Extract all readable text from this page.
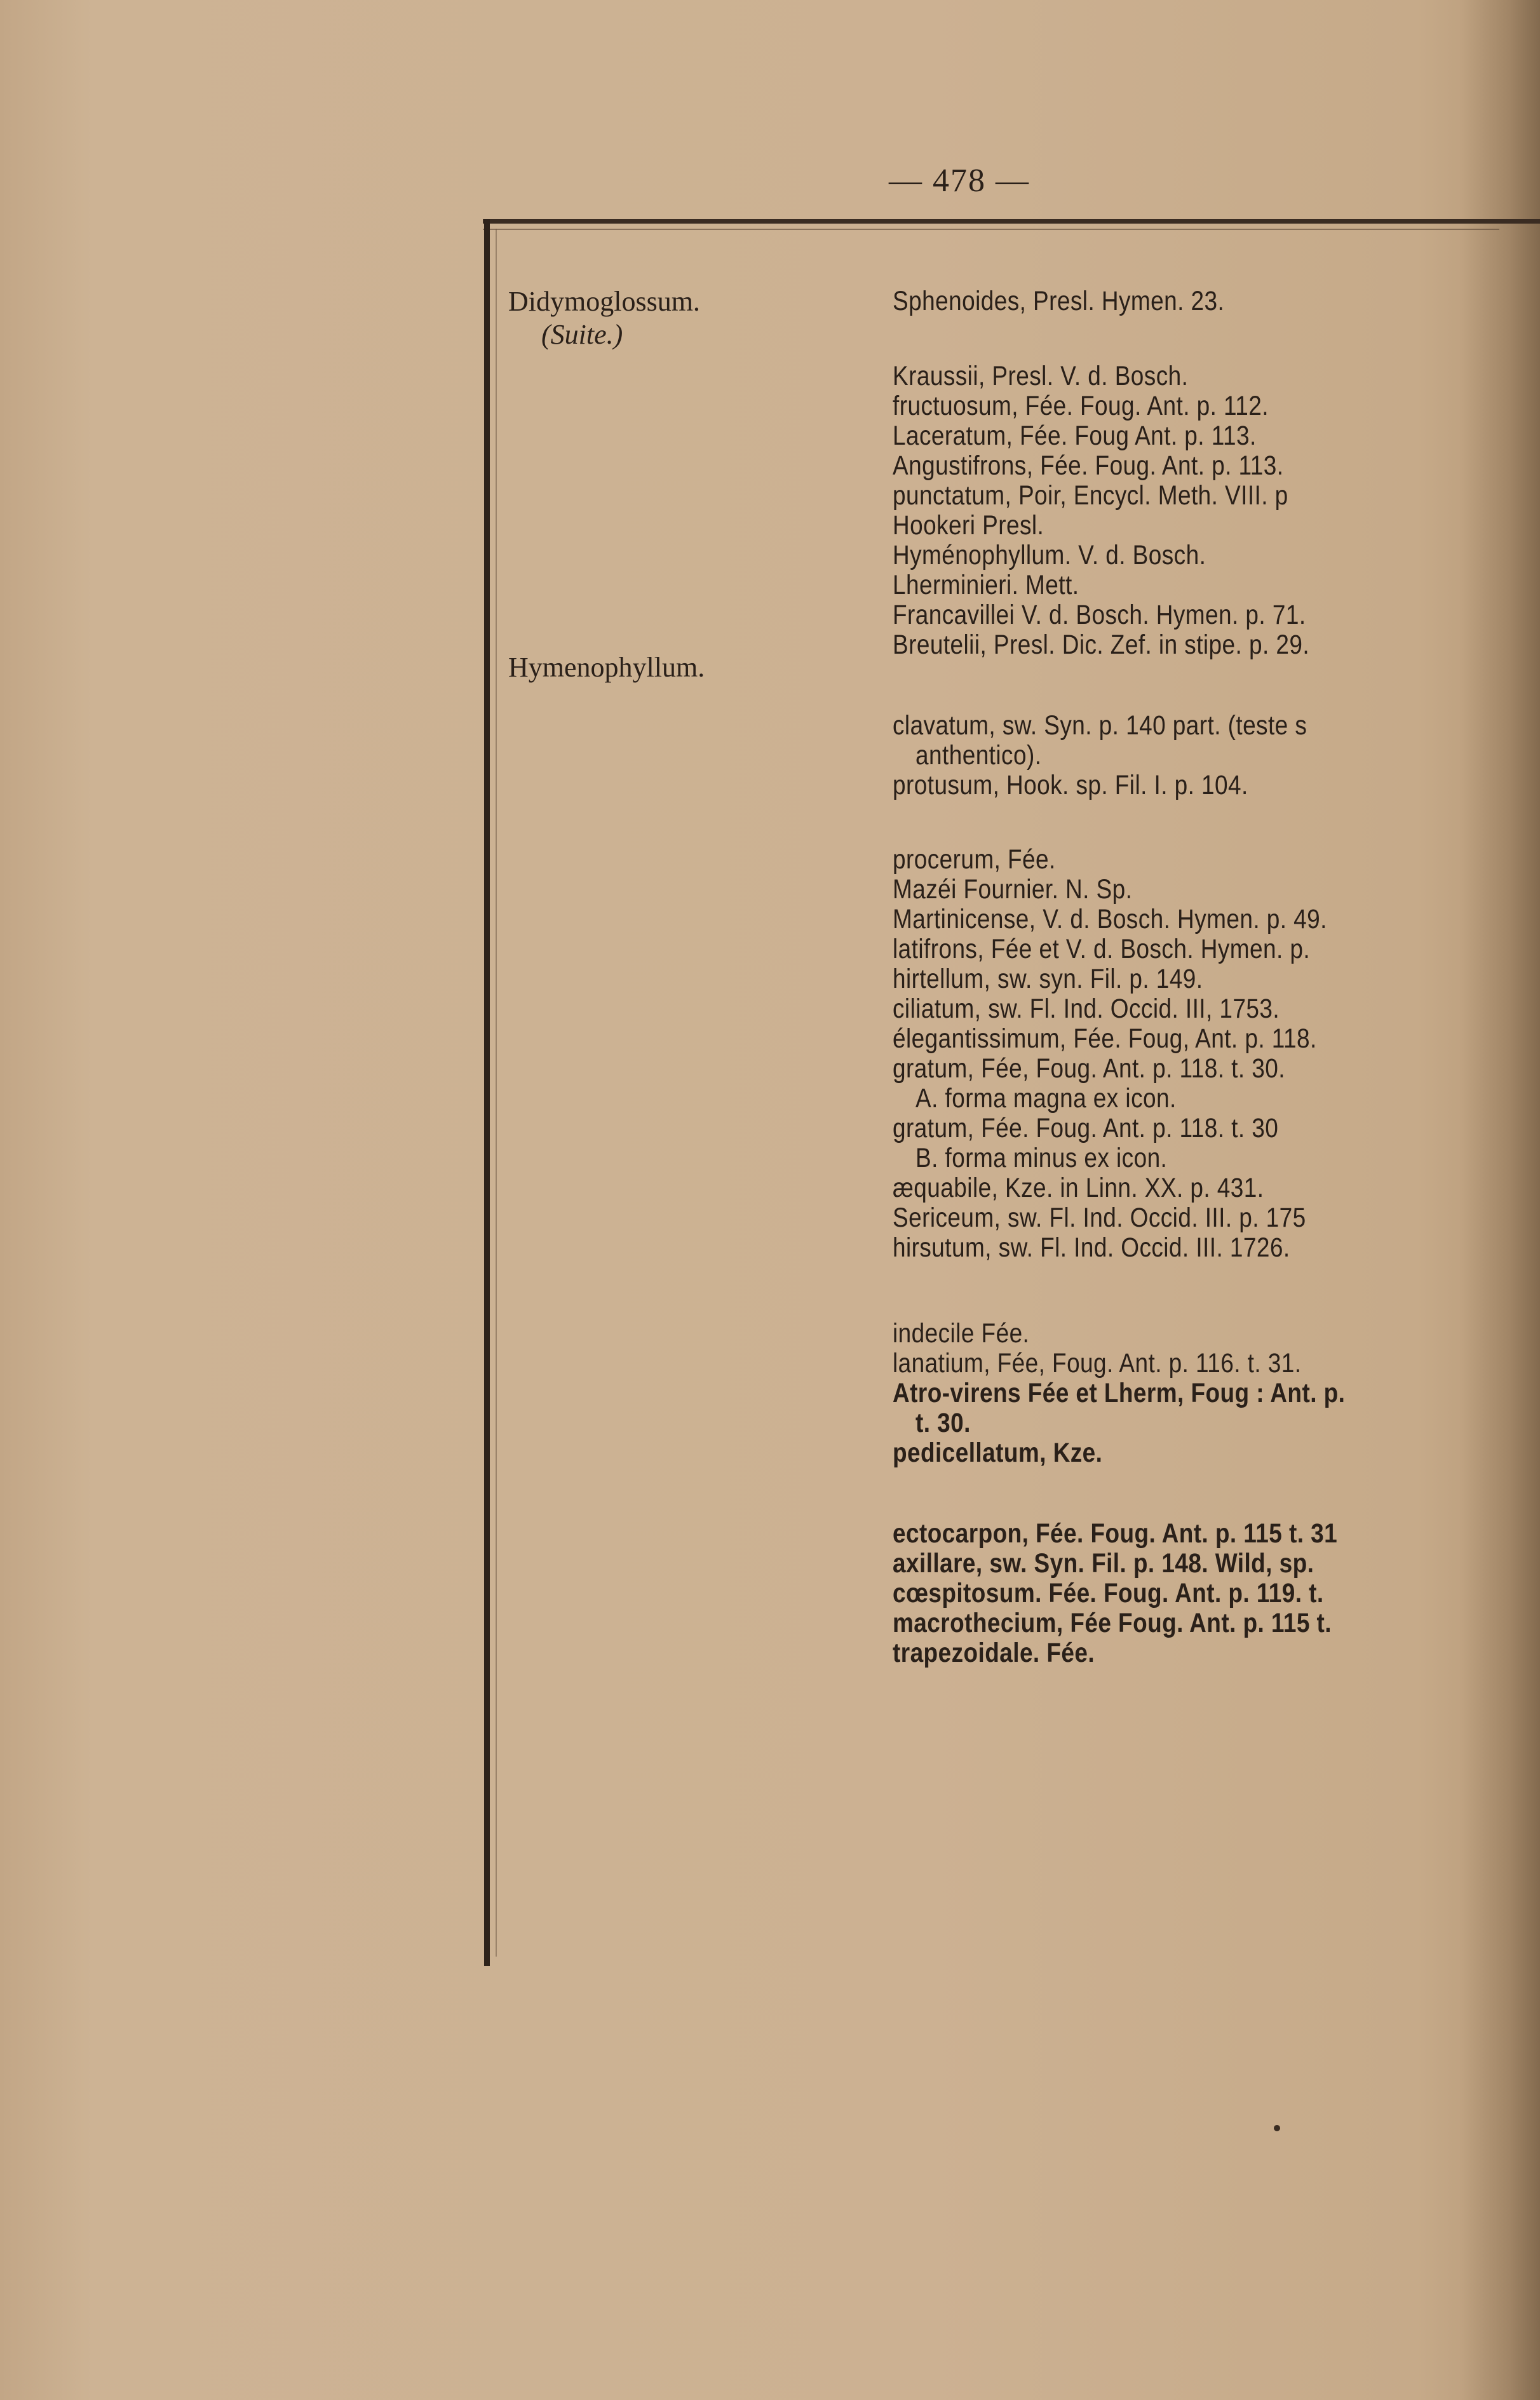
— 478 —
Didymoglossum.
(Suite.)
Hymenophyllum.
Sphenoides, Presl. Hymen. 23.
Kraussii, Presl. V. d. Bosch.
fructuosum, Fée. Foug. Ant. p. 112.
Laceratum, Fée. Foug Ant. p. 113.
Angustifrons, Fée. Foug. Ant. p. 113.
punctatum, Poir, Encycl. Meth. VIII. p
Hookeri Presl.
Hyménophyllum. V. d. Bosch.
Lherminieri. Mett.
Francavillei V. d. Bosch. Hymen. p. 71.
Breutelii, Presl. Dic. Zef. in stipe. p. 29.
clavatum, sw. Syn. p. 140 part. (teste s
anthentico).
protusum, Hook. sp. Fil. I. p. 104.
procerum, Fée.
Mazéi Fournier. N. Sp.
Martinicense, V. d. Bosch. Hymen. p. 49.
latifrons, Fée et V. d. Bosch. Hymen. p.
hirtellum, sw. syn. Fil. p. 149.
ciliatum, sw. Fl. Ind. Occid. III, 1753.
élegantissimum, Fée. Foug, Ant. p. 118.
gratum, Fée, Foug. Ant. p. 118. t. 30.
A. forma magna ex icon.
gratum, Fée. Foug. Ant. p. 118. t. 30
B. forma minus ex icon.
æquabile, Kze. in Linn. XX. p. 431.
Sericeum, sw. Fl. Ind. Occid. III. p. 175
hirsutum, sw. Fl. Ind. Occid. III. 1726.
indecile Fée.
lanatium, Fée, Foug. Ant. p. 116. t. 31.
Atro-virens Fée et Lherm, Foug : Ant. p.
t. 30.
pedicellatum, Kze.
ectocarpon, Fée. Foug. Ant. p. 115 t. 31
axillare, sw. Syn. Fil. p. 148. Wild, sp.
cœspitosum. Fée. Foug. Ant. p. 119. t.
macrothecium, Fée Foug. Ant. p. 115 t.
trapezoidale. Fée.
